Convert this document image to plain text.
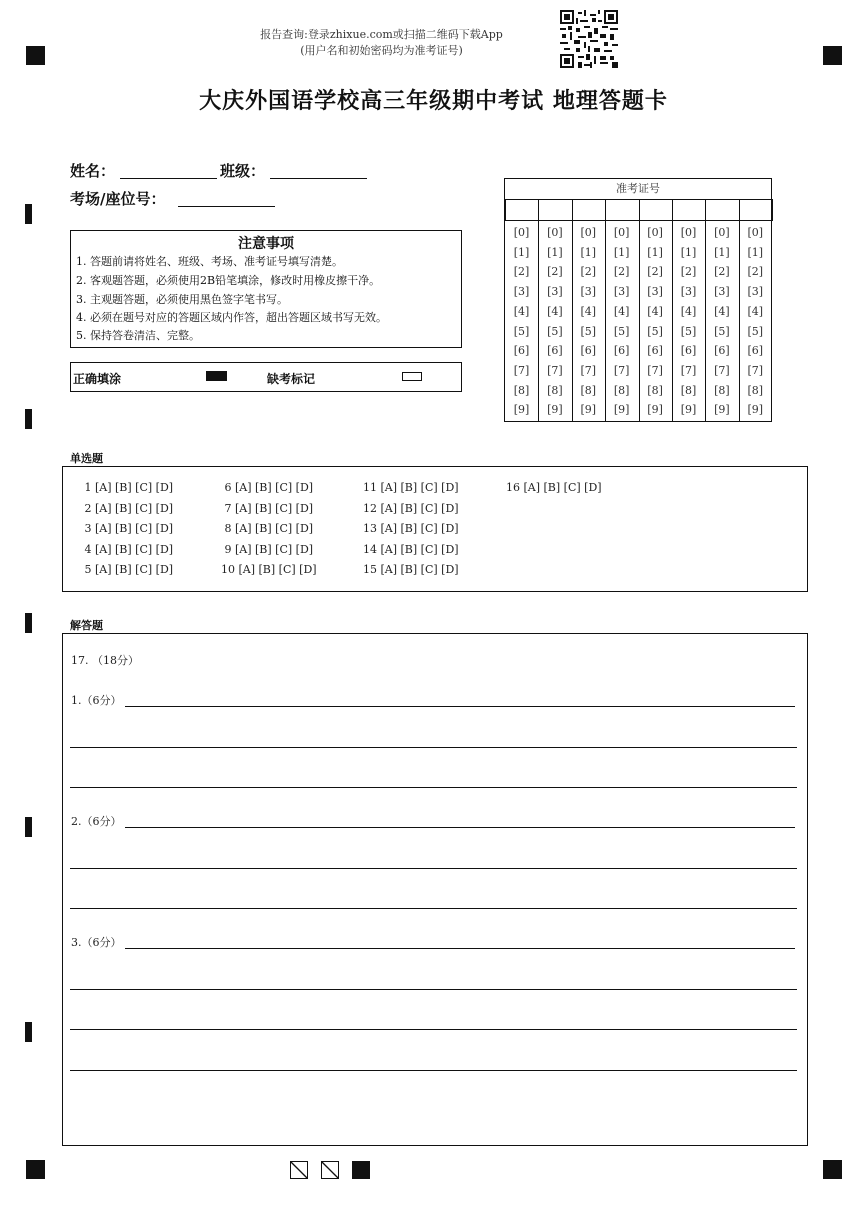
报告查询:登录zhixue.com或扫描二维码下载App
(用户名和初始密码均为准考证号)
大庆外国语学校高三年级期中考试 地理答题卡
姓名：	班级：
考场/座位号：
注意事项
1. 答题前请将姓名、班级、考场、准考证号填写清楚。
2. 客观题答题，必须使用2B铅笔填涂，修改时用橡皮擦干净。
3. 主观题答题，必须使用黑色签字笔书写。
4. 必须在题号对应的答题区域内作答，超出答题区域书写无效。
5. 保持答卷清洁、完整。
正确填涂	缺考标记
准考证号
[0]
[1]
[2]
[3]
[4]
[5]
[6]
[7]
[8]
[9]
[0]
[1]
[2]
[3]
[4]
[5]
[6]
[7]
[8]
[9]
[0]
[1]
[2]
[3]
[4]
[5]
[6]
[7]
[8]
[9]
[0]
[1]
[2]
[3]
[4]
[5]
[6]
[7]
[8]
[9]
[0]
[1]
[2]
[3]
[4]
[5]
[6]
[7]
[8]
[9]
[0]
[1]
[2]
[3]
[4]
[5]
[6]
[7]
[8]
[9]
[0]
[1]
[2]
[3]
[4]
[5]
[6]
[7]
[8]
[9]
[0]
[1]
[2]
[3]
[4]
[5]
[6]
[7]
[8]
[9]
单选题
1 [A] [B] [C] [D]
2 [A] [B] [C] [D]
3 [A] [B] [C] [D]
4 [A] [B] [C] [D]
5 [A] [B] [C] [D]
6 [A] [B] [C] [D]
7 [A] [B] [C] [D]
8 [A] [B] [C] [D]
9 [A] [B] [C] [D]
10 [A] [B] [C] [D]
11 [A] [B] [C] [D]
12 [A] [B] [C] [D]
13 [A] [B] [C] [D]
14 [A] [B] [C] [D]
15 [A] [B] [C] [D]
16 [A] [B] [C] [D]
解答题
17. （18分）
1.（6分）
2.（6分）
3.（6分）
